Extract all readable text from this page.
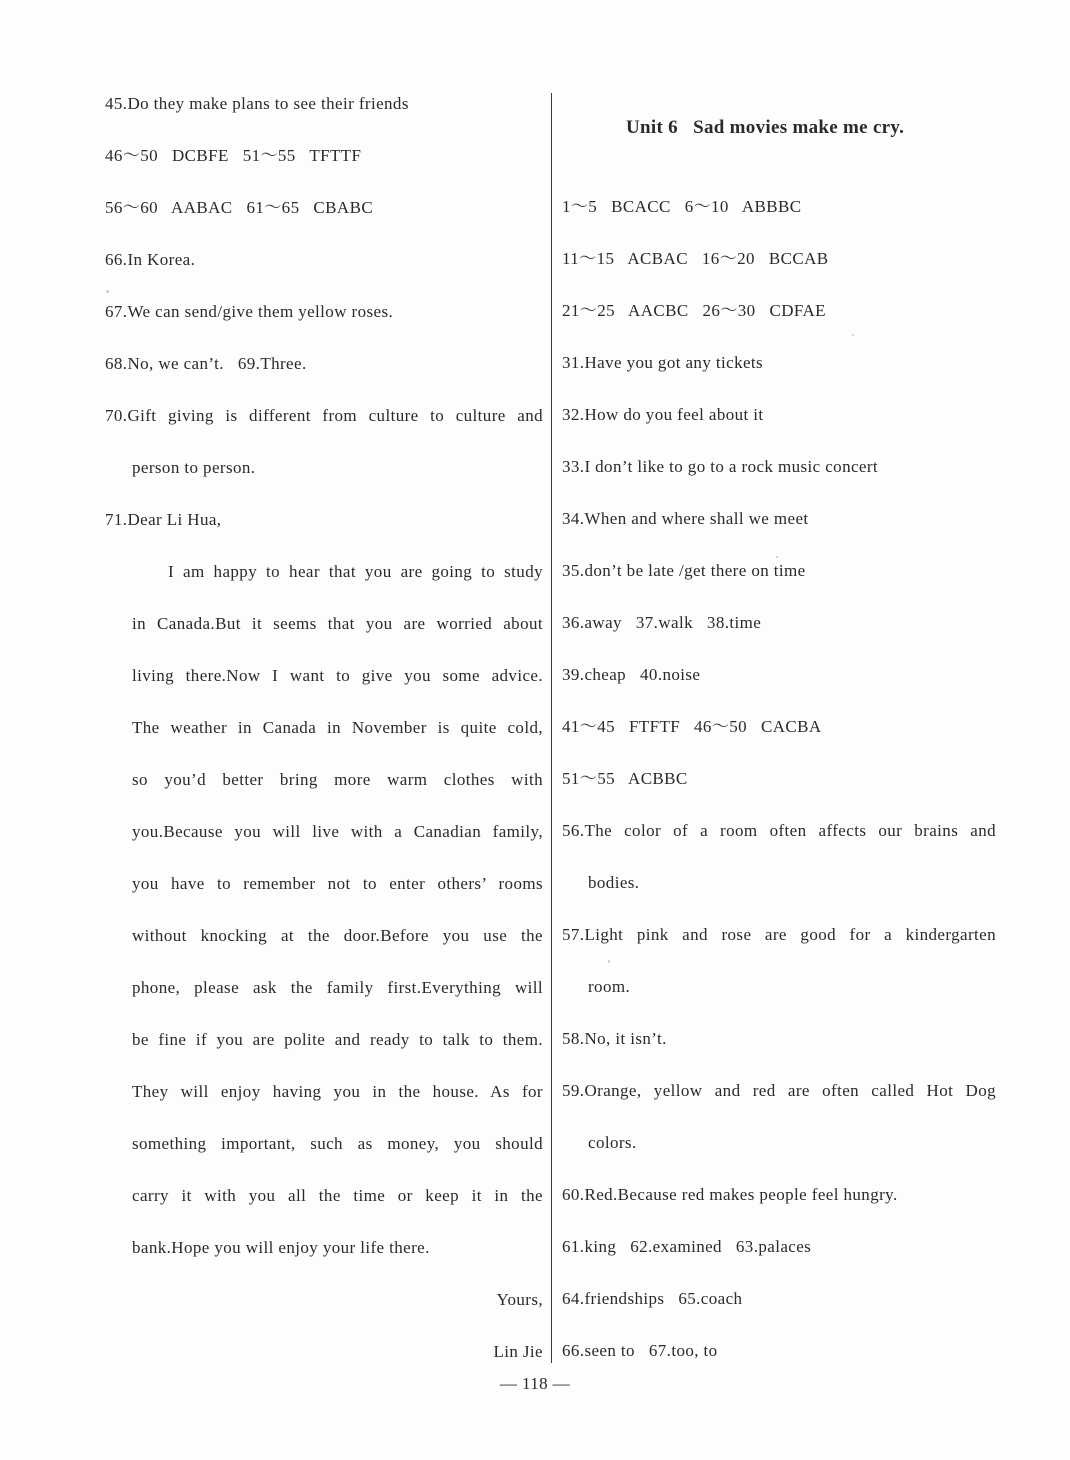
45.Do they make plans to see their friends
46～50   DCBFE   51～55   TFTTF
56～60   AABAC   61～65   CBABC
66.In Korea.
67.We can send/give them yellow roses.
68.No, we can’t.   69.Three.
70.Gift giving is different from culture to culture and
person to person.
71.Dear Li Hua,
I am happy to hear that you are going to study
in Canada.But it seems that you are worried about
living there.Now I want to give you some advice.
The weather in Canada in November is quite cold,
so you’d better bring more warm clothes with
you.Because you will live with a Canadian family,
you have to remember not to enter others’ rooms
without knocking at the door.Before you use the
phone, please ask the family first.Everything will
be fine if you are polite and ready to talk to them.
They will enjoy having you in the house. As for
something important, such as money, you should
carry it with you all the time or keep it in the
bank.Hope you will enjoy your life there.
Yours,
Lin Jie
Unit 6   Sad movies make me cry.
1～5   BCACC   6～10   ABBBC
11～15   ACBAC   16～20   BCCAB
21～25   AACBC   26～30   CDFAE
31.Have you got any tickets
32.How do you feel about it
33.I don’t like to go to a rock music concert
34.When and where shall we meet
35.don’t be late /get there on time
36.away   37.walk   38.time
39.cheap   40.noise
41～45   FTFTF   46～50   CACBA
51～55   ACBBC
56.The color of a room often affects our brains and
bodies.
57.Light pink and rose are good for a kindergarten
room.
58.No, it isn’t.
59.Orange, yellow and red are often called Hot Dog
colors.
60.Red.Because red makes people feel hungry.
61.king   62.examined   63.palaces
64.friendships   65.coach
66.seen to   67.too, to
— 118 —
